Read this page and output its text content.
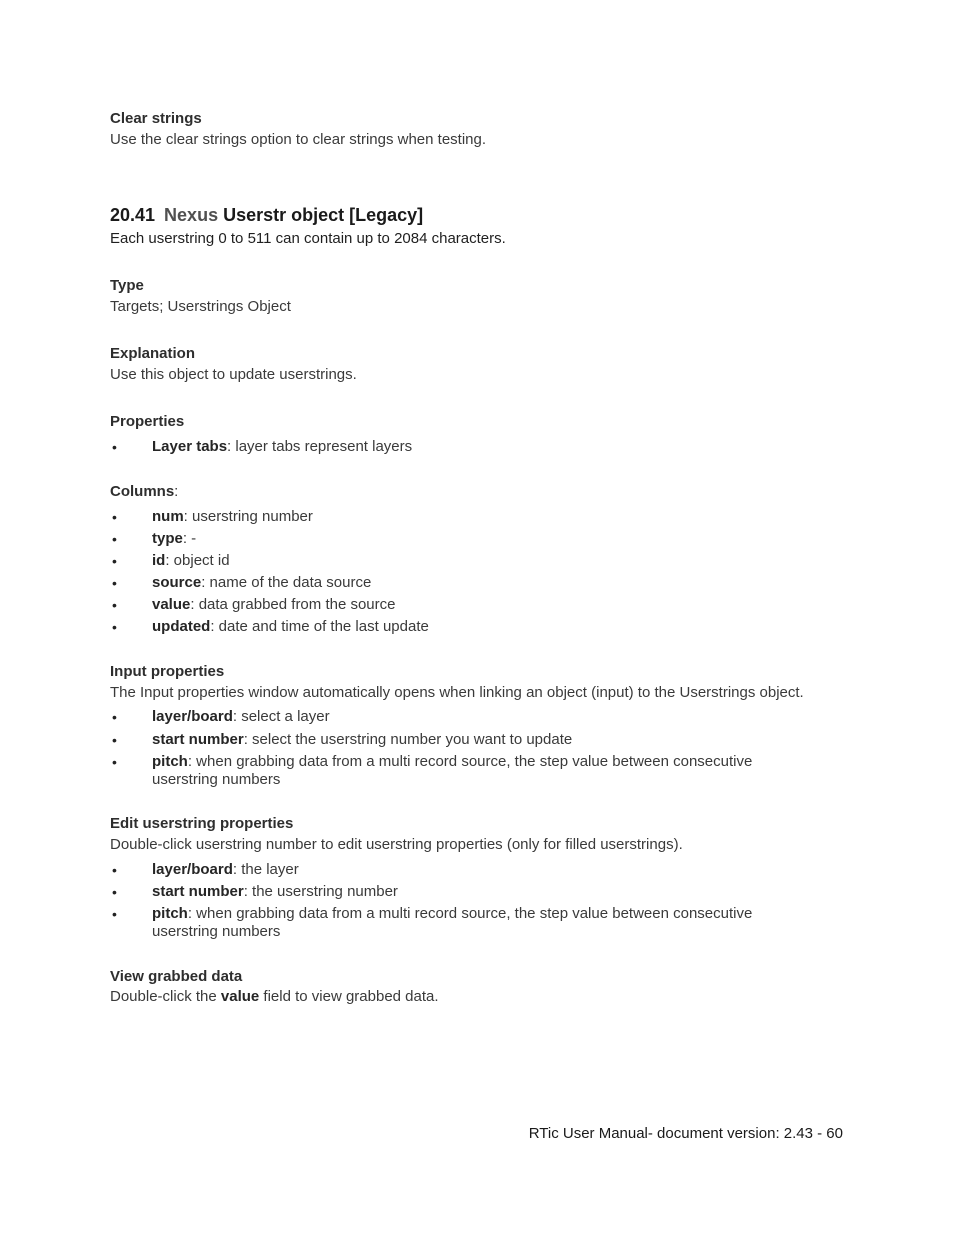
Clear strings
Use the clear strings option to clear strings when testing.
20.41 Nexus Userstr object [Legacy]
Each userstring 0 to 511 can contain up to 2084 characters.
Type
Targets; Userstrings Object
Explanation
Use this object to update userstrings.
Properties
• Layer tabs: layer tabs represent layers
Columns:
• num: userstring number
• type: -
• id: object id
• source: name of the data source
• value: data grabbed from the source
• updated: date and time of the last update
Input properties
The Input properties window automatically opens when linking an object (input) to the Userstrings object.
• layer/board: select a layer
• start number: select the userstring number you want to update
• pitch: when grabbing data from a multi record source, the step value between consecutive userstring numbers
Edit userstring properties
Double-click userstring number to edit userstring properties (only for filled userstrings).
• layer/board: the layer
• start number: the userstring number
• pitch: when grabbing data from a multi record source, the step value between consecutive userstring numbers
View grabbed data
Double-click the value field to view grabbed data.
RTic User Manual- document version: 2.43 - 60
